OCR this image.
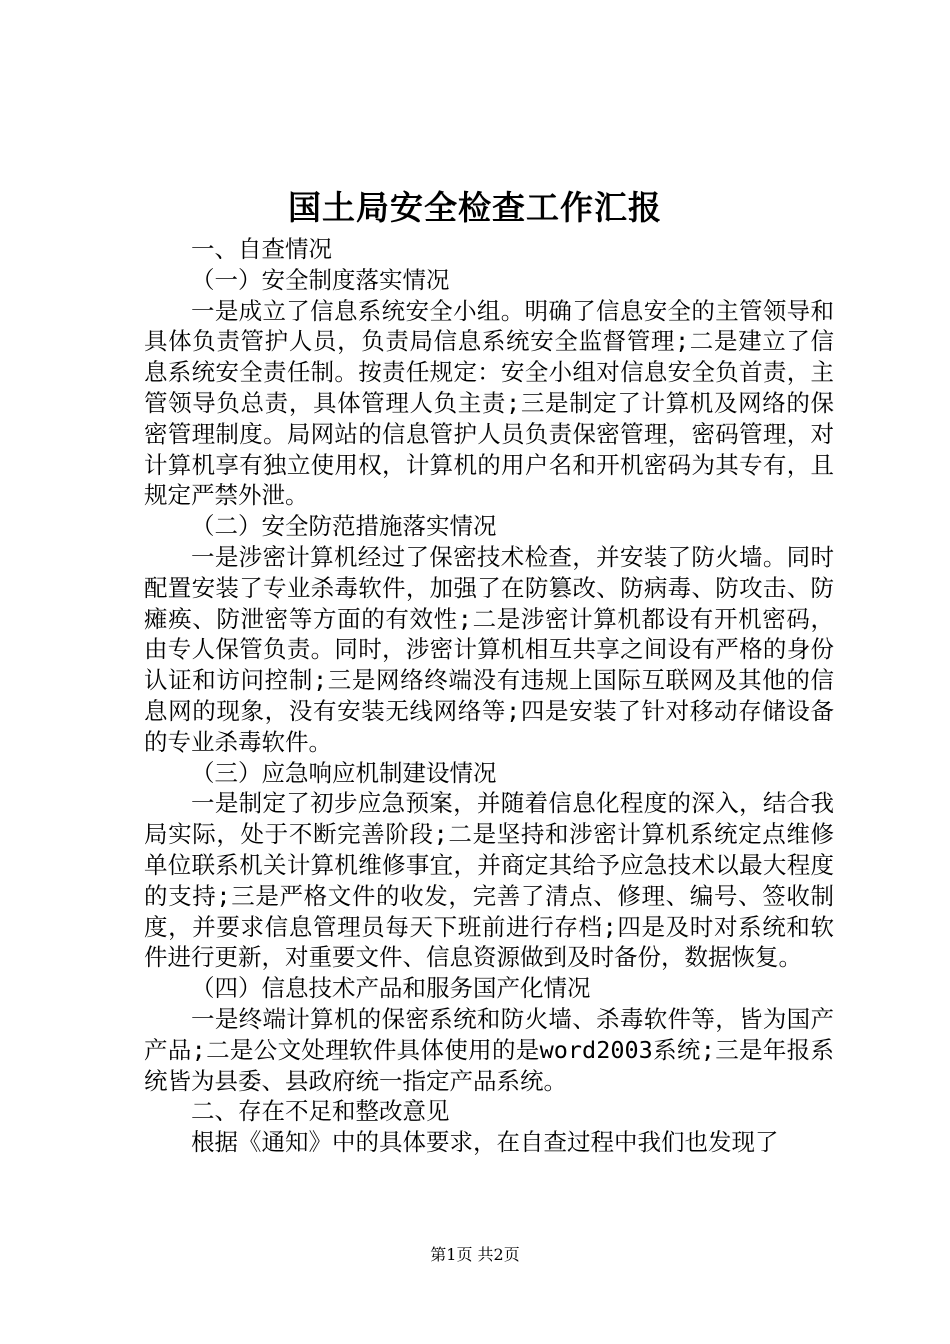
国土局安全检查工作汇报

一、自查情况

（一）安全制度落实情况

一是成立了信息系统安全小组。明确了信息安全的主管领导和具体负责管护人员，负责局信息系统安全监督管理;二是建立了信息系统安全责任制。按责任规定：安全小组对信息安全负首责，主管领导负总责，具体管理人负主责;三是制定了计算机及网络的保密管理制度。局网站的信息管护人员负责保密管理，密码管理，对计算机享有独立使用权，计算机的用户名和开机密码为其专有，且规定严禁外泄。

（二）安全防范措施落实情况

一是涉密计算机经过了保密技术检查，并安装了防火墙。同时配置安装了专业杀毒软件，加强了在防篡改、防病毒、防攻击、防瘫痪、防泄密等方面的有效性;二是涉密计算机都设有开机密码，由专人保管负责。同时，涉密计算机相互共享之间设有严格的身份认证和访问控制;三是网络终端没有违规上国际互联网及其他的信息网的现象，没有安装无线网络等;四是安装了针对移动存储设备的专业杀毒软件。

（三）应急响应机制建设情况

一是制定了初步应急预案，并随着信息化程度的深入，结合我局实际，处于不断完善阶段;二是坚持和涉密计算机系统定点维修单位联系机关计算机维修事宜，并商定其给予应急技术以最大程度的支持;三是严格文件的收发，完善了清点、修理、编号、签收制度，并要求信息管理员每天下班前进行存档;四是及时对系统和软件进行更新，对重要文件、信息资源做到及时备份，数据恢复。

（四）信息技术产品和服务国产化情况

一是终端计算机的保密系统和防火墙、杀毒软件等，皆为国产产品;二是公文处理软件具体使用的是word2003系统;三是年报系统皆为县委、县政府统一指定产品系统。

二、存在不足和整改意见

根据《通知》中的具体要求，在自查过程中我们也发现了

第1页 共2页
